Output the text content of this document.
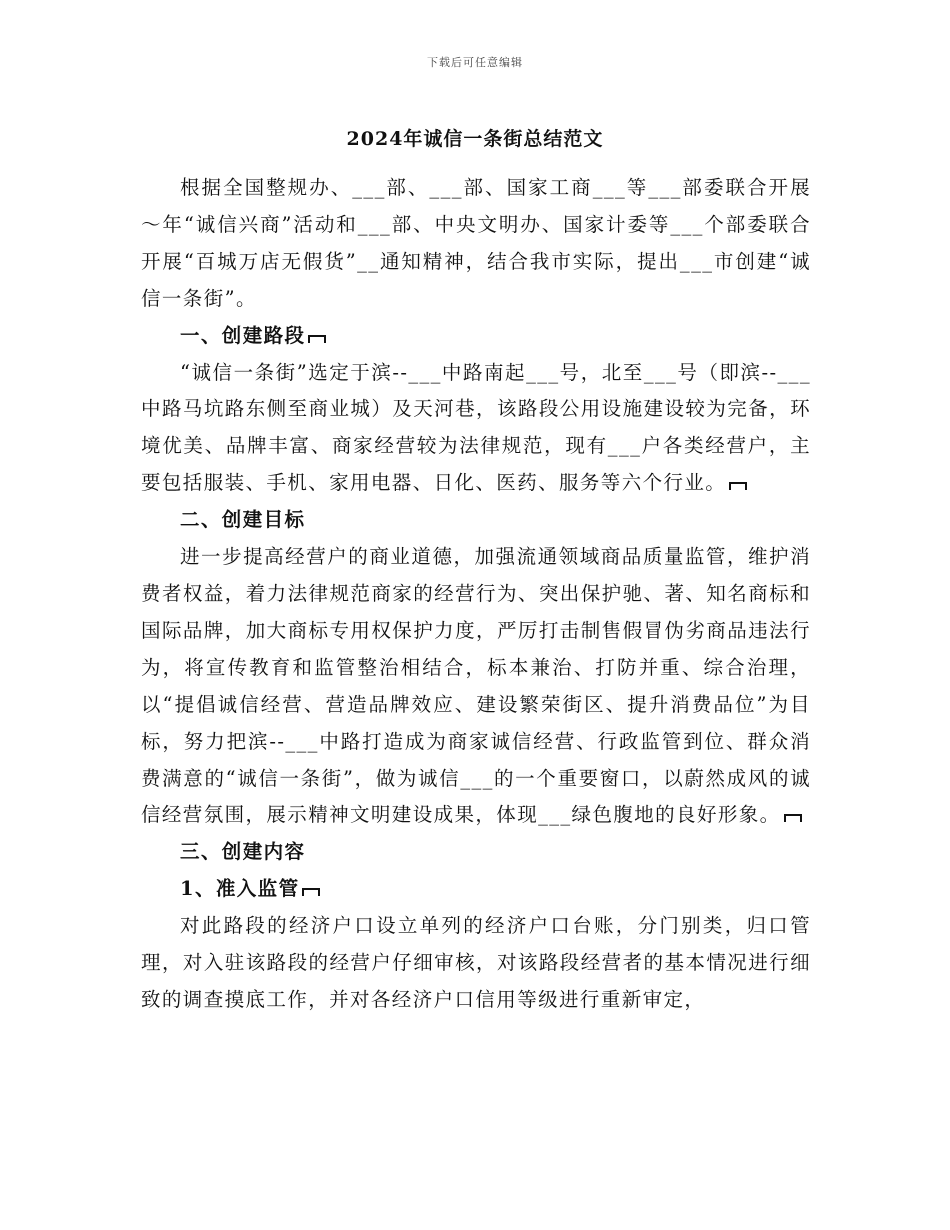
下载后可任意编辑
2024年诚信一条街总结范文

根据全国整规办、___部、___部、国家工商___等___部委联合开展～年“诚信兴商”活动和___部、中央文明办、国家计委等___个部委联合开展“百城万店无假货”__通知精神，结合我市实际，提出___市创建“诚信一条街”。

一、创建路段

“诚信一条街”选定于滨--___中路南起___号，北至___号（即滨--___中路马坑路东侧至商业城）及天河巷，该路段公用设施建设较为完备，环境优美、品牌丰富、商家经营较为法律规范，现有___户各类经营户，主要包括服装、手机、家用电器、日化、医药、服务等六个行业。

二、创建目标

进一步提高经营户的商业道德，加强流通领域商品质量监管，维护消费者权益，着力法律规范商家的经营行为、突出保护驰、著、知名商标和国际品牌，加大商标专用权保护力度，严厉打击制售假冒伪劣商品违法行为，将宣传教育和监管整治相结合，标本兼治、打防并重、综合治理，以“提倡诚信经营、营造品牌效应、建设繁荣街区、提升消费品位”为目标，努力把滨--___中路打造成为商家诚信经营、行政监管到位、群众消费满意的“诚信一条街”，做为诚信___的一个重要窗口，以蔚然成风的诚信经营氛围，展示精神文明建设成果，体现___绿色腹地的良好形象。

三、创建内容

1、准入监管

对此路段的经济户口设立单列的经济户口台账，分门别类，归口管理，对入驻该路段的经营户仔细审核，对该路段经营者的基本情况进行细致的调查摸底工作，并对各经济户口信用等级进行重新审定，
